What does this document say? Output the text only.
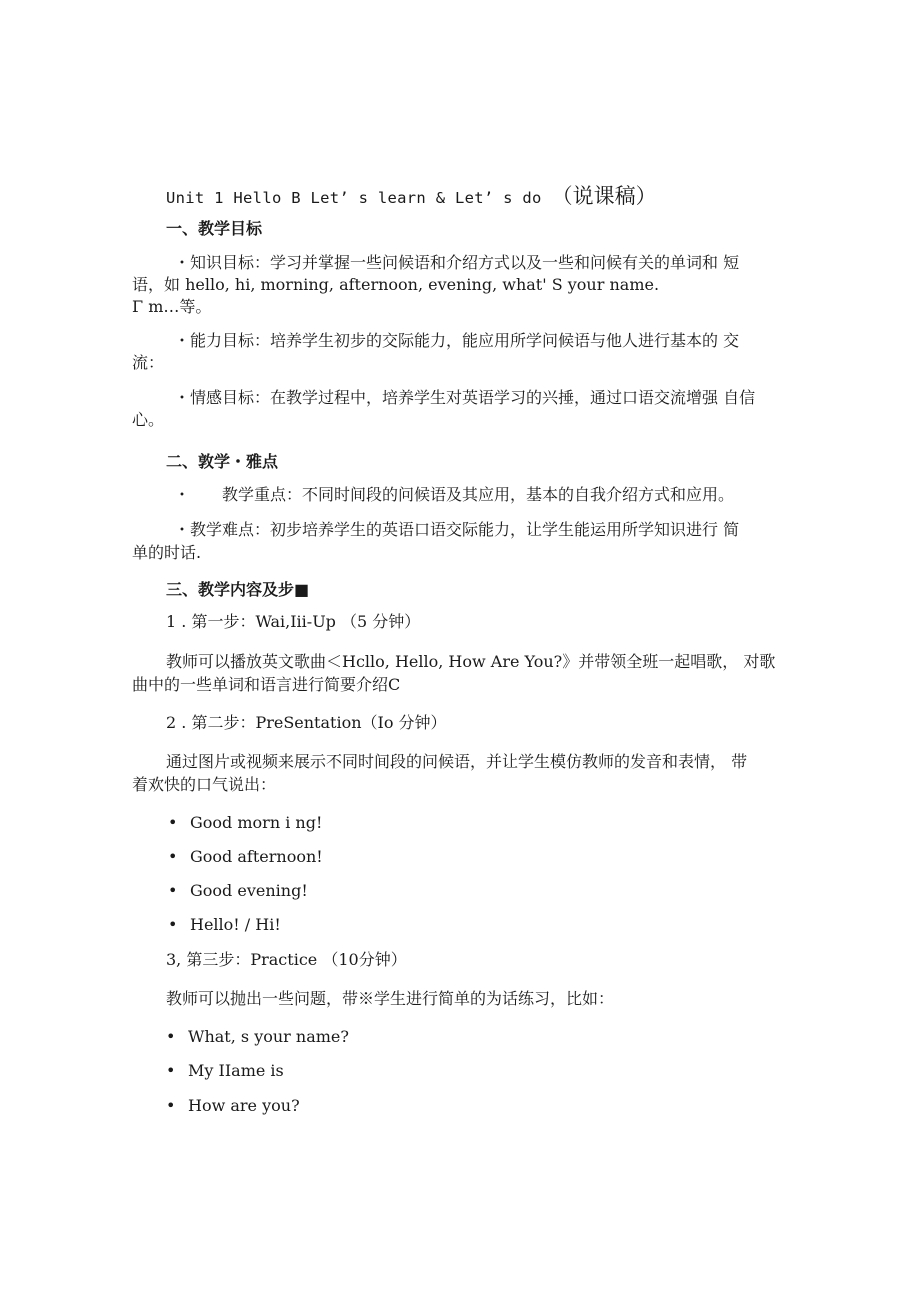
Unit 1 Hello B Let’ s learn & Let’ s do （说课稿）
一、教学目标
・知识目标：学习并掌握一些问候语和介绍方式以及一些和问候有关的单词和 短
语，如 hello, hi, morning, afternoon, evening, what' S your name.
Γ m…等。
・能力目标：培养学生初步的交际能力，能应用所学问候语与他人进行基本的 交
流：
・情感目标：在教学过程中，培养学生对英语学习的兴捶，通过口语交流增强 自信
心。
二、敦学・雅点
・ 教学重点：不同时间段的问候语及其应用，基本的自我介绍方式和应用。
・教学难点：初步培养学生的英语口语交际能力，让学生能运用所学知识进行 简
单的时话.
三、教学内容及步■
1 . 第一步：Wai,Iii-Up （5 分钟）
教师可以播放英文歌曲＜Hcllo, Hello, How Are You?》并带领全班一起唱歌， 对歌
曲中的一些单词和语言进行简要介绍C
2 . 第二步：PreSentation（Io 分钟）
通过图片或视频来展示不同时间段的问候语，并让学生模仿教师的发音和表情， 带
着欢快的口气说出：
• Good morn i ng!
• Good afternoon!
• Good evening!
• Hello! / Hi!
3, 第三步：Practice （10分钟）
教师可以抛出一些问题，带※学生进行简单的为话练习，比如：
• What, s your name?
• My IIame is
• How are you?
